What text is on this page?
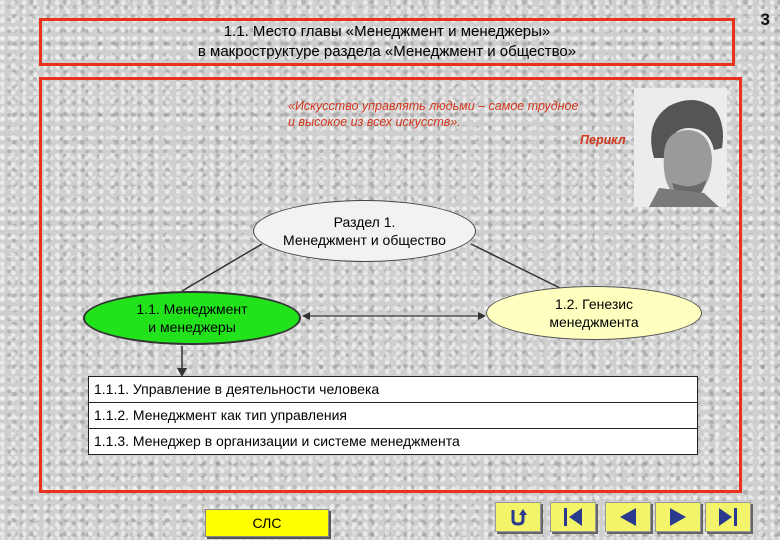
3
1.1. Место главы «Менеджмент и менеджеры»
в макроструктуре раздела «Менеджмент и общество»
«Искусство управлять людьми – самое трудное и высокое из всех искусств».
Перикл
Раздел 1.
Менеджмент и общество
1.1. Менеджмент
и менеджеры
1.2. Генезис
менеджмента
1.1.1. Управление в деятельности человека
1.1.2. Менеджмент как тип управления
1.1.3. Менеджер в организации и системе менеджмента
СЛС
